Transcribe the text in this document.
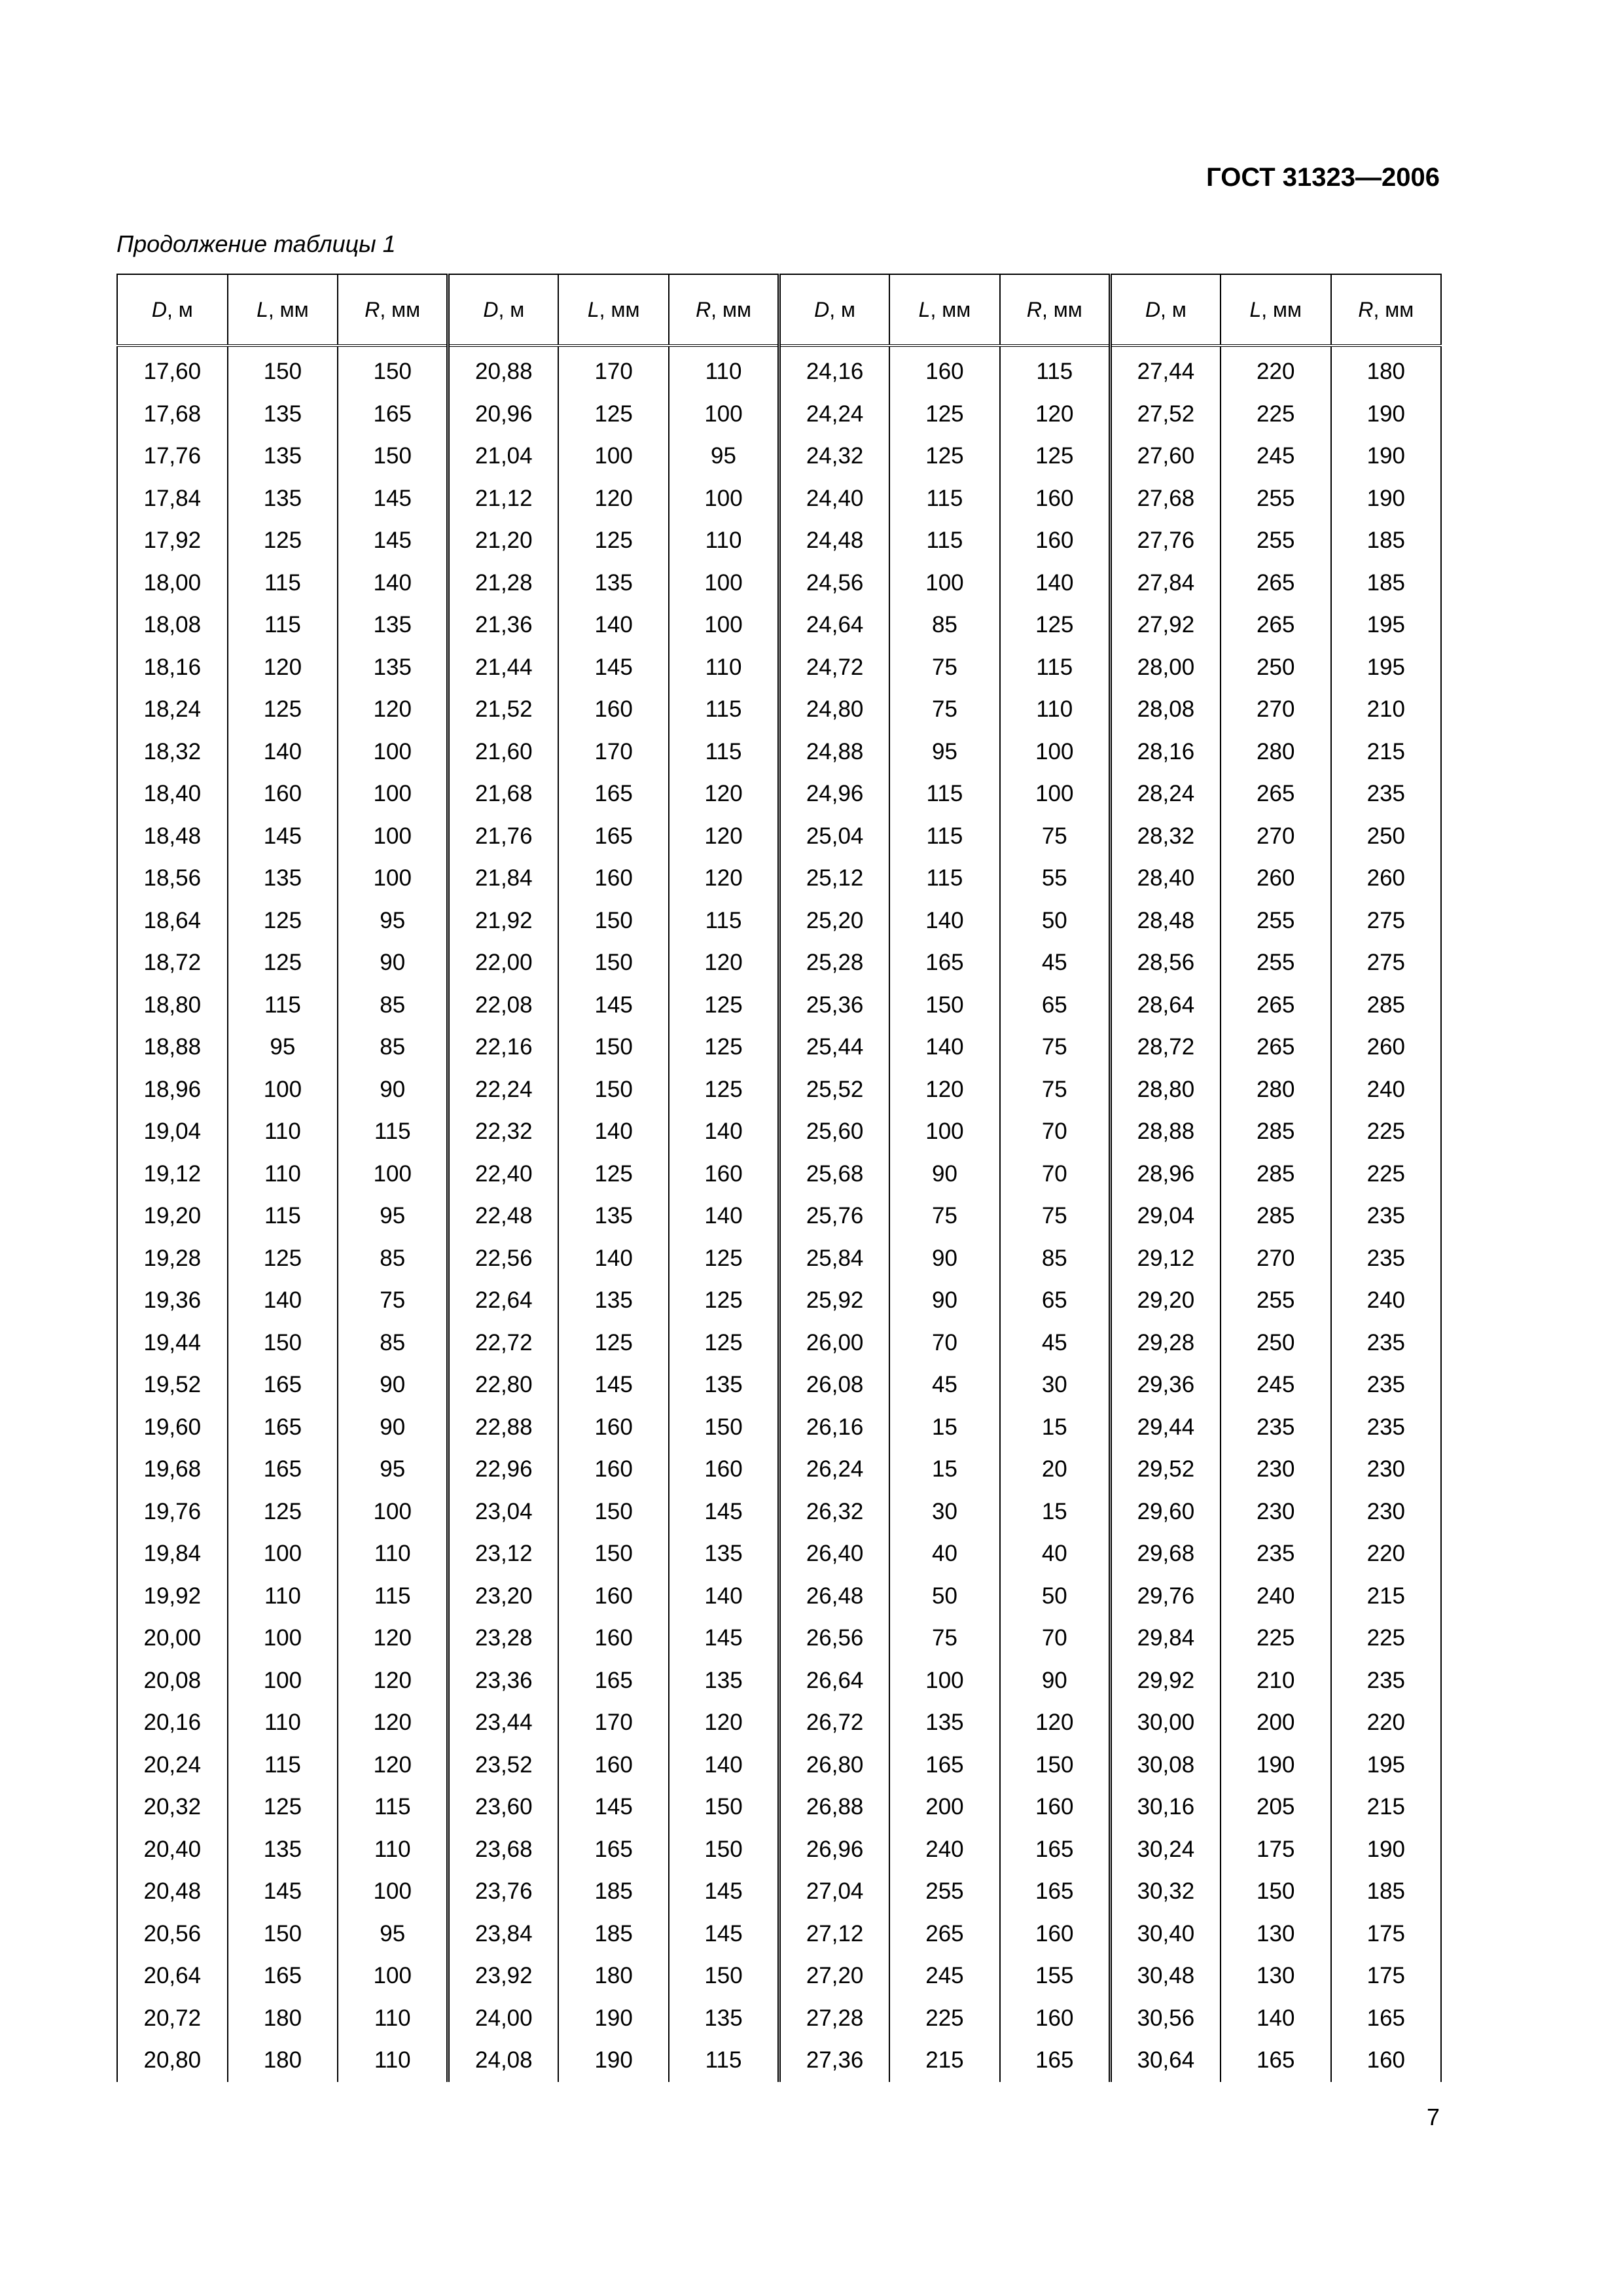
ГОСТ 31323—2006
Продолжение таблицы 1
D, м	L, мм	R, мм	D, м	L, мм	R, мм	D, м	L, мм	R, мм	D, м	L, мм	R, мм
17,60	150	150	20,88	170	110	24,16	160	115	27,44	220	180
17,68	135	165	20,96	125	100	24,24	125	120	27,52	225	190
17,76	135	150	21,04	100	95	24,32	125	125	27,60	245	190
17,84	135	145	21,12	120	100	24,40	115	160	27,68	255	190
17,92	125	145	21,20	125	110	24,48	115	160	27,76	255	185
18,00	115	140	21,28	135	100	24,56	100	140	27,84	265	185
18,08	115	135	21,36	140	100	24,64	85	125	27,92	265	195
18,16	120	135	21,44	145	110	24,72	75	115	28,00	250	195
18,24	125	120	21,52	160	115	24,80	75	110	28,08	270	210
18,32	140	100	21,60	170	115	24,88	95	100	28,16	280	215
18,40	160	100	21,68	165	120	24,96	115	100	28,24	265	235
18,48	145	100	21,76	165	120	25,04	115	75	28,32	270	250
18,56	135	100	21,84	160	120	25,12	115	55	28,40	260	260
18,64	125	95	21,92	150	115	25,20	140	50	28,48	255	275
18,72	125	90	22,00	150	120	25,28	165	45	28,56	255	275
18,80	115	85	22,08	145	125	25,36	150	65	28,64	265	285
18,88	95	85	22,16	150	125	25,44	140	75	28,72	265	260
18,96	100	90	22,24	150	125	25,52	120	75	28,80	280	240
19,04	110	115	22,32	140	140	25,60	100	70	28,88	285	225
19,12	110	100	22,40	125	160	25,68	90	70	28,96	285	225
19,20	115	95	22,48	135	140	25,76	75	75	29,04	285	235
19,28	125	85	22,56	140	125	25,84	90	85	29,12	270	235
19,36	140	75	22,64	135	125	25,92	90	65	29,20	255	240
19,44	150	85	22,72	125	125	26,00	70	45	29,28	250	235
19,52	165	90	22,80	145	135	26,08	45	30	29,36	245	235
19,60	165	90	22,88	160	150	26,16	15	15	29,44	235	235
19,68	165	95	22,96	160	160	26,24	15	20	29,52	230	230
19,76	125	100	23,04	150	145	26,32	30	15	29,60	230	230
19,84	100	110	23,12	150	135	26,40	40	40	29,68	235	220
19,92	110	115	23,20	160	140	26,48	50	50	29,76	240	215
20,00	100	120	23,28	160	145	26,56	75	70	29,84	225	225
20,08	100	120	23,36	165	135	26,64	100	90	29,92	210	235
20,16	110	120	23,44	170	120	26,72	135	120	30,00	200	220
20,24	115	120	23,52	160	140	26,80	165	150	30,08	190	195
20,32	125	115	23,60	145	150	26,88	200	160	30,16	205	215
20,40	135	110	23,68	165	150	26,96	240	165	30,24	175	190
20,48	145	100	23,76	185	145	27,04	255	165	30,32	150	185
20,56	150	95	23,84	185	145	27,12	265	160	30,40	130	175
20,64	165	100	23,92	180	150	27,20	245	155	30,48	130	175
20,72	180	110	24,00	190	135	27,28	225	160	30,56	140	165
20,80	180	110	24,08	190	115	27,36	215	165	30,64	165	160
7
